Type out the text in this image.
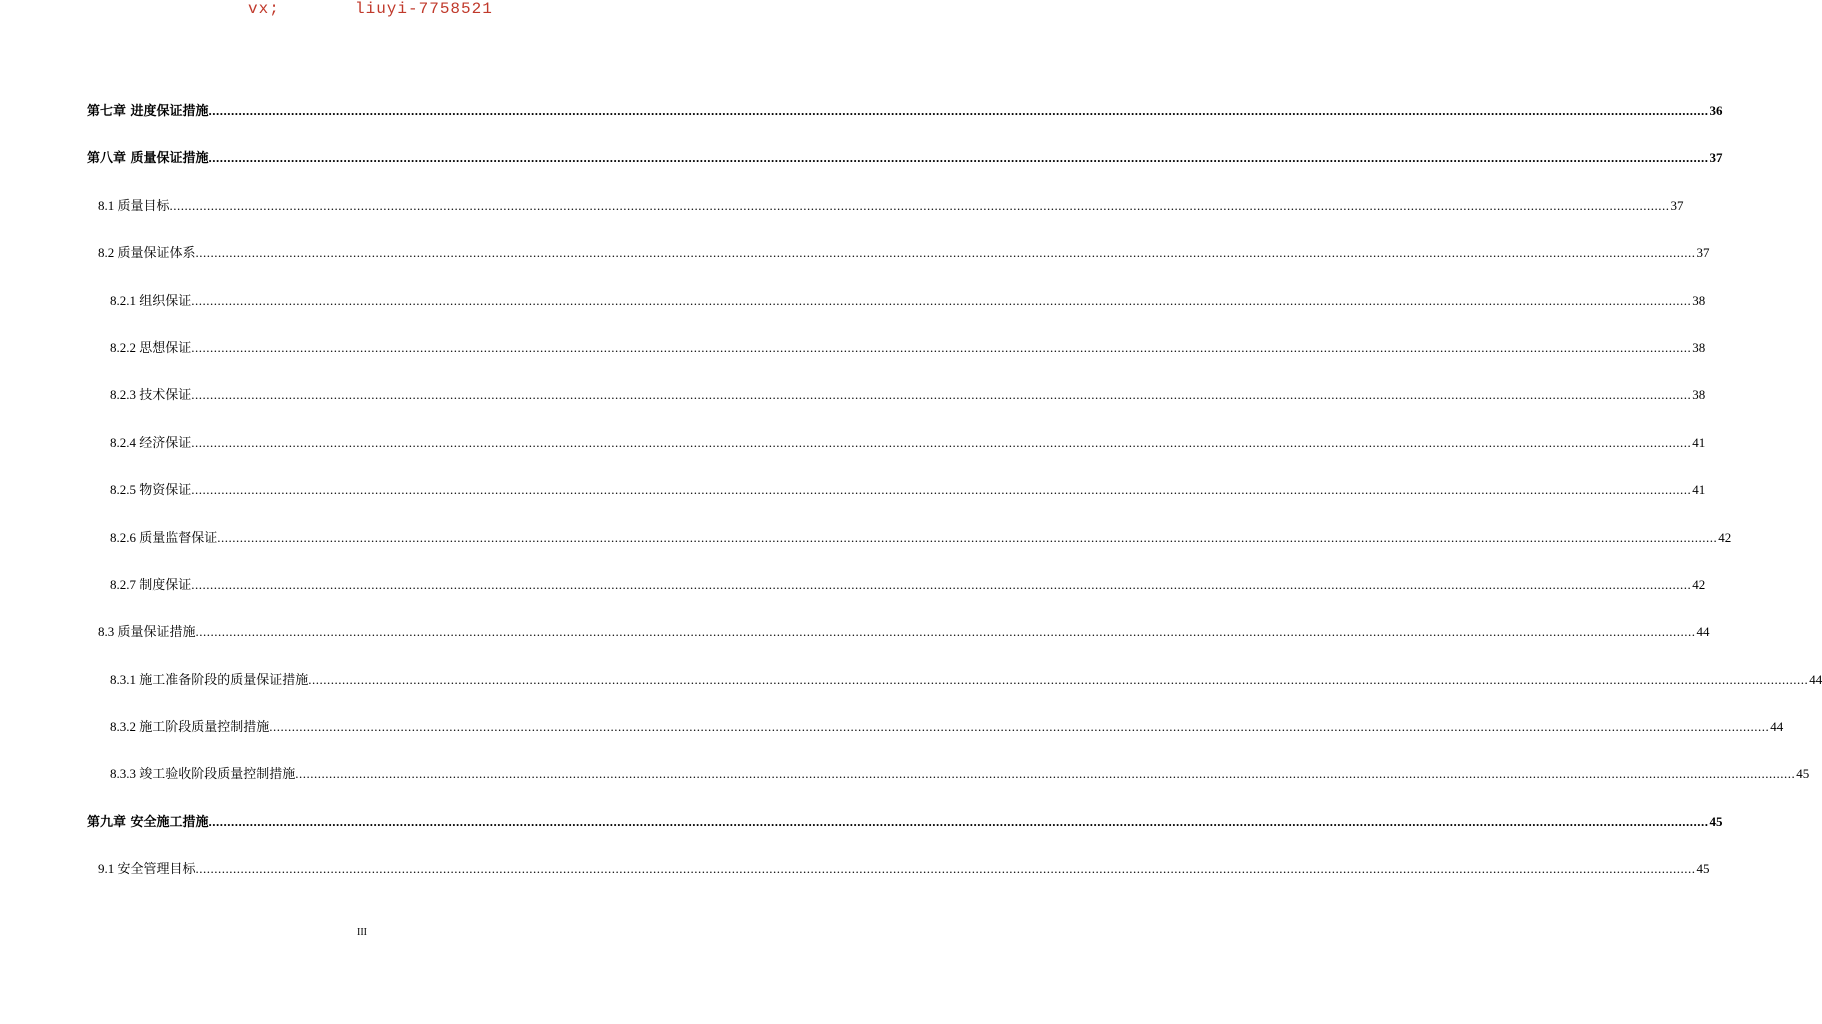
vx;	liuyi-7758521
第七章 进度保证措施 ................................................................................................................................................................................................................................................................................................................................................................................................................ 36
第八章 质量保证措施 ................................................................................................................................................................................................................................................................................................................................................................................................................ 37
8.1 质量目标 ................................................................................................................................................................................................................................................................................................................................................................................................................ 37
8.2 质量保证体系 ................................................................................................................................................................................................................................................................................................................................................................................................................ 37
8.2.1 组织保证 ................................................................................................................................................................................................................................................................................................................................................................................................................ 38
8.2.2 思想保证 ................................................................................................................................................................................................................................................................................................................................................................................................................ 38
8.2.3 技术保证 ................................................................................................................................................................................................................................................................................................................................................................................................................ 38
8.2.4 经济保证 ................................................................................................................................................................................................................................................................................................................................................................................................................ 41
8.2.5 物资保证 ................................................................................................................................................................................................................................................................................................................................................................................................................ 41
8.2.6 质量监督保证 ................................................................................................................................................................................................................................................................................................................................................................................................................ 42
8.2.7 制度保证 ................................................................................................................................................................................................................................................................................................................................................................................................................ 42
8.3 质量保证措施 ................................................................................................................................................................................................................................................................................................................................................................................................................ 44
8.3.1 施工准备阶段的质量保证措施 ................................................................................................................................................................................................................................................................................................................................................................................................................ 44
8.3.2 施工阶段质量控制措施 ................................................................................................................................................................................................................................................................................................................................................................................................................ 44
8.3.3 竣工验收阶段质量控制措施 ................................................................................................................................................................................................................................................................................................................................................................................................................ 45
第九章 安全施工措施 ................................................................................................................................................................................................................................................................................................................................................................................................................ 45
9.1 安全管理目标 ................................................................................................................................................................................................................................................................................................................................................................................................................ 45
III
